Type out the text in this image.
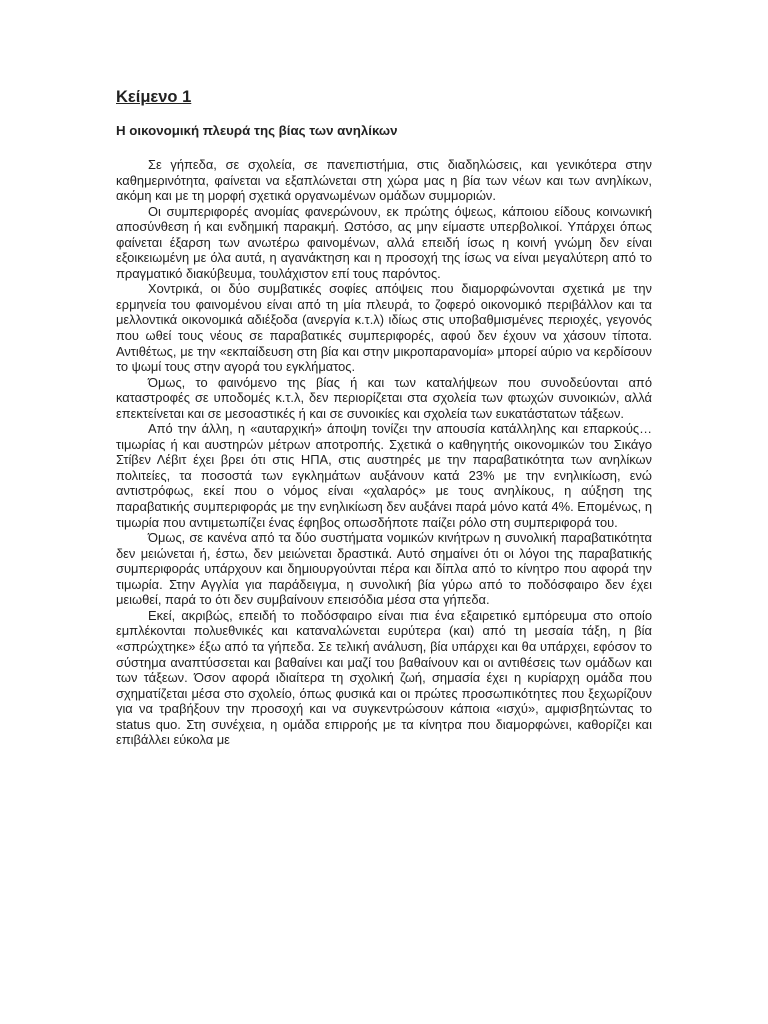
Κείμενο 1
Η οικονομική πλευρά της βίας των ανηλίκων

Σε γήπεδα, σε σχολεία, σε πανεπιστήμια, στις διαδηλώσεις, και γενικότερα στην καθημερινότητα, φαίνεται να εξαπλώνεται στη χώρα μας η βία των νέων και των ανηλίκων, ακόμη και με τη μορφή σχετικά οργανωμένων ομάδων συμμοριών.

Οι συμπεριφορές ανομίας φανερώνουν, εκ πρώτης όψεως, κάποιου είδους κοινωνική αποσύνθεση ή και ενδημική παρακμή. Ωστόσο, ας μην είμαστε υπερβολικοί. Υπάρχει όπως φαίνεται έξαρση των ανωτέρω φαινομένων, αλλά επειδή ίσως η κοινή γνώμη δεν είναι εξοικειωμένη με όλα αυτά, η αγανάκτηση και η προσοχή της ίσως να είναι μεγαλύτερη από το πραγματικό διακύβευμα, τουλάχιστον επί τους παρόντος.

Χοντρικά, οι δύο συμβατικές σοφίες απόψεις που διαμορφώνονται σχετικά με την ερμηνεία του φαινομένου είναι από τη μία πλευρά, το ζοφερό οικονομικό περιβάλλον και τα μελλοντικά οικονομικά αδιέξοδα (ανεργία κ.τ.λ) ιδίως στις υποβαθμισμένες περιοχές, γεγονός που ωθεί τους νέους σε παραβατικές συμπεριφορές, αφού δεν έχουν να χάσουν τίποτα. Αντιθέτως, με την «εκπαίδευση στη βία και στην μικροπαρανομία» μπορεί αύριο να κερδίσουν το ψωμί τους στην αγορά του εγκλήματος.

Όμως, το φαινόμενο της βίας ή και των καταλήψεων που συνοδεύονται από καταστροφές σε υποδομές κ.τ.λ, δεν περιορίζεται στα σχολεία των φτωχών συνοικιών, αλλά επεκτείνεται και σε μεσοαστικές ή και σε συνοικίες και σχολεία των ευκατάστατων τάξεων.

Από την άλλη, η «αυταρχική» άποψη τονίζει την απουσία κατάλληλης και επαρκούς…τιμωρίας ή και αυστηρών μέτρων αποτροπής. Σχετικά ο καθηγητής οικονομικών του Σικάγο Στίβεν Λέβιτ έχει βρει ότι στις ΗΠΑ, στις αυστηρές με την παραβατικότητα των ανηλίκων πολιτείες, τα ποσοστά των εγκλημάτων αυξάνουν κατά 23% με την ενηλικίωση, ενώ αντιστρόφως, εκεί που ο νόμος είναι «χαλαρός» με τους ανηλίκους, η αύξηση της παραβατικής συμπεριφοράς με την ενηλικίωση δεν αυξάνει παρά μόνο κατά 4%. Επομένως, η τιμωρία που αντιμετωπίζει ένας έφηβος οπωσδήποτε παίζει ρόλο στη συμπεριφορά του.

Όμως, σε κανένα από τα δύο συστήματα νομικών κινήτρων η συνολική παραβατικότητα δεν μειώνεται ή, έστω, δεν μειώνεται δραστικά. Αυτό σημαίνει ότι οι λόγοι της παραβατικής συμπεριφοράς υπάρχουν και δημιουργούνται πέρα και δίπλα από το κίνητρο που αφορά την τιμωρία. Στην Αγγλία για παράδειγμα, η συνολική βία γύρω από το ποδόσφαιρο δεν έχει μειωθεί, παρά το ότι δεν συμβαίνουν επεισόδια μέσα στα γήπεδα.

Εκεί, ακριβώς, επειδή το ποδόσφαιρο είναι πια ένα εξαιρετικό εμπόρευμα στο οποίο εμπλέκονται πολυεθνικές και καταναλώνεται ευρύτερα (και) από τη μεσαία τάξη, η βία «σπρώχτηκε» έξω από τα γήπεδα. Σε τελική ανάλυση, βία υπάρχει και θα υπάρχει, εφόσον το σύστημα αναπτύσσεται και βαθαίνει και μαζί του βαθαίνουν και οι αντιθέσεις των ομάδων και των τάξεων. Όσον αφορά ιδιαίτερα τη σχολική ζωή, σημασία έχει η κυρίαρχη ομάδα που σχηματίζεται μέσα στο σχολείο, όπως φυσικά και οι πρώτες προσωπικότητες που ξεχωρίζουν για να τραβήξουν την προσοχή και να συγκεντρώσουν κάποια «ισχύ», αμφισβητώντας το status quo. Στη συνέχεια, η ομάδα επιρροής με τα κίνητρα που διαμορφώνει, καθορίζει και επιβάλλει εύκολα με
